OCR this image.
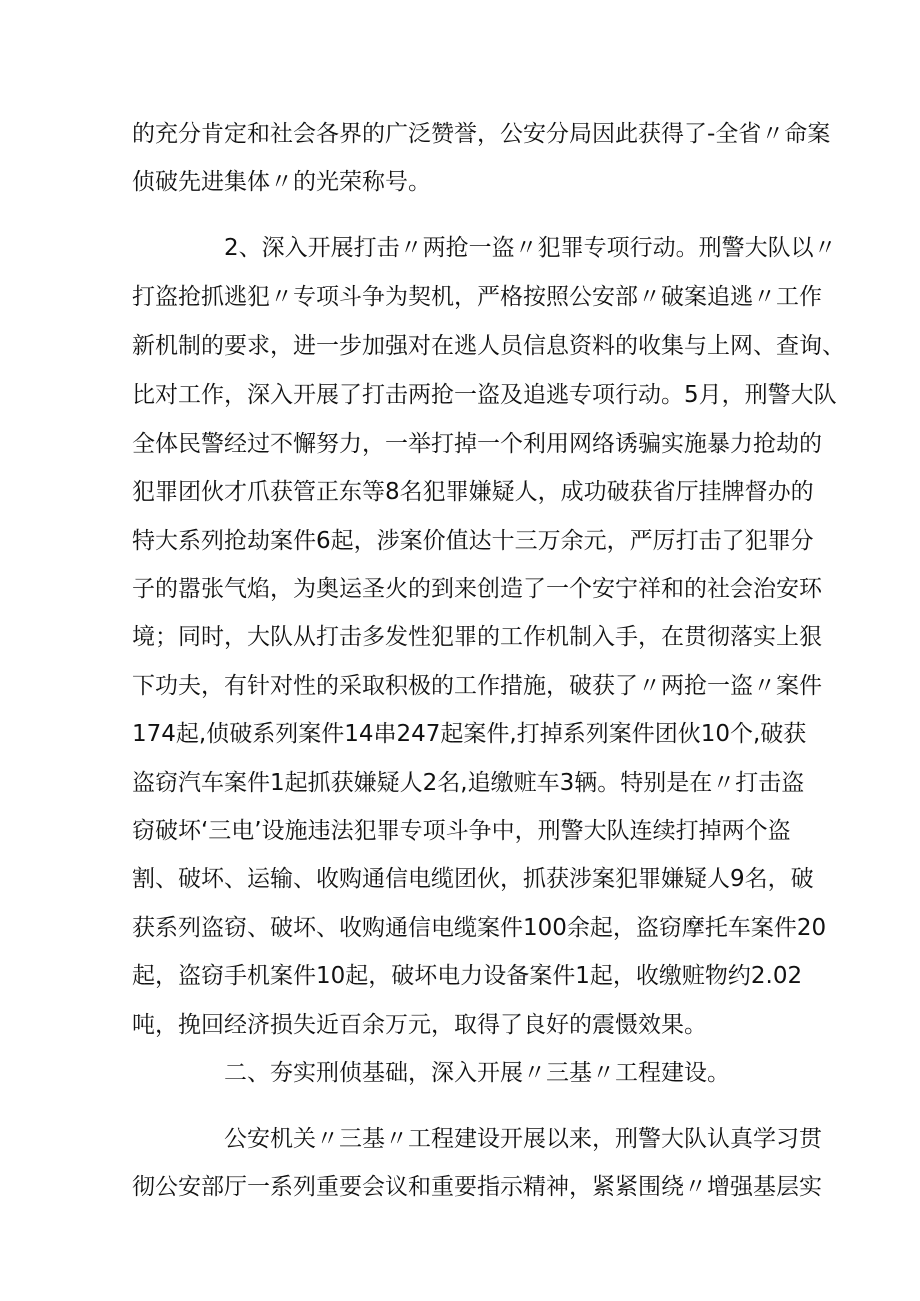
的充分肯定和社会各界的广泛赞誉，公安分局因此获得了-全省〃命案
侦破先进集体〃的光荣称号。
2、深入开展打击〃两抢一盗〃犯罪专项行动。刑警大队以〃
打盗抢抓逃犯〃专项斗争为契机，严格按照公安部〃破案追逃〃工作
新机制的要求，进一步加强对在逃人员信息资料的收集与上网、查询、
比对工作，深入开展了打击两抢一盗及追逃专项行动。5月，刑警大队
全体民警经过不懈努力，一举打掉一个利用网络诱骗实施暴力抢劫的
犯罪团伙才爪获管正东等8名犯罪嫌疑人，成功破获省厅挂牌督办的
特大系列抢劫案件6起，涉案价值达十三万余元，严厉打击了犯罪分
子的嚣张气焰，为奥运圣火的到来创造了一个安宁祥和的社会治安环
境；同时，大队从打击多发性犯罪的工作机制入手，在贯彻落实上狠
下功夫，有针对性的采取积极的工作措施，破获了〃两抢一盗〃案件
174起,侦破系列案件14串247起案件,打掉系列案件团伙10个,破获
盗窃汽车案件1起抓获嫌疑人2名,追缴赃车3辆。特别是在〃打击盗
窃破坏‘三电’设施违法犯罪专项斗争中，刑警大队连续打掉两个盗
割、破坏、运输、收购通信电缆团伙，抓获涉案犯罪嫌疑人9名，破
获系列盗窃、破坏、收购通信电缆案件100余起，盗窃摩托车案件20
起，盗窃手机案件10起，破坏电力设备案件1起，收缴赃物约2.02
吨，挽回经济损失近百余万元，取得了良好的震慑效果。
二、夯实刑侦基础，深入开展〃三基〃工程建设。
公安机关〃三基〃工程建设开展以来，刑警大队认真学习贯
彻公安部厅一系列重要会议和重要指示精神，紧紧围绕〃增强基层实
